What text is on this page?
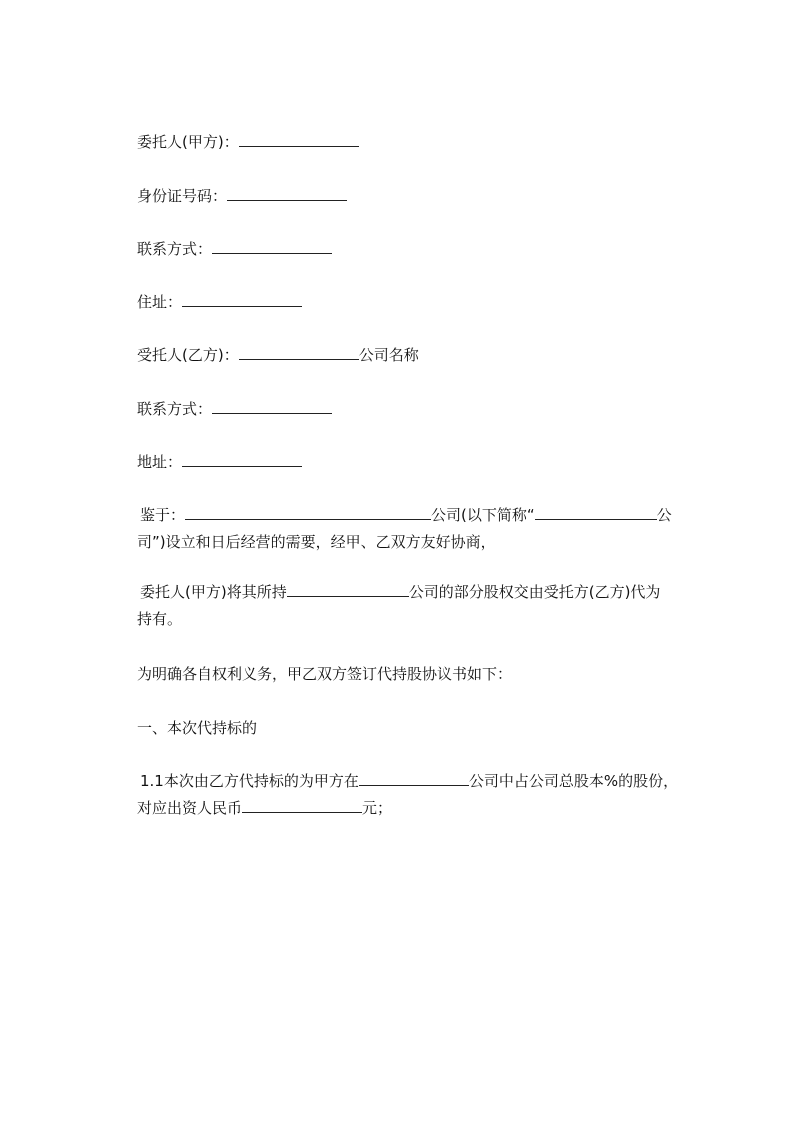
委托人(甲方)：
身份证号码：
联系方式：
住址：
受托人(乙方)：	公司名称
联系方式：
地址：
鉴于：	公司(以下简称“	公
司”)设立和日后经营的需要，经甲、乙双方友好协商，
委托人(甲方)将其所持	公司的部分股权交由受托方(乙方)代为
持有。
为明确各自权利义务，甲乙双方签订代持股协议书如下：
一、本次代持标的
1.1本次由乙方代持标的为甲方在	公司中占公司总股本%的股份，
对应出资人民币	元；
